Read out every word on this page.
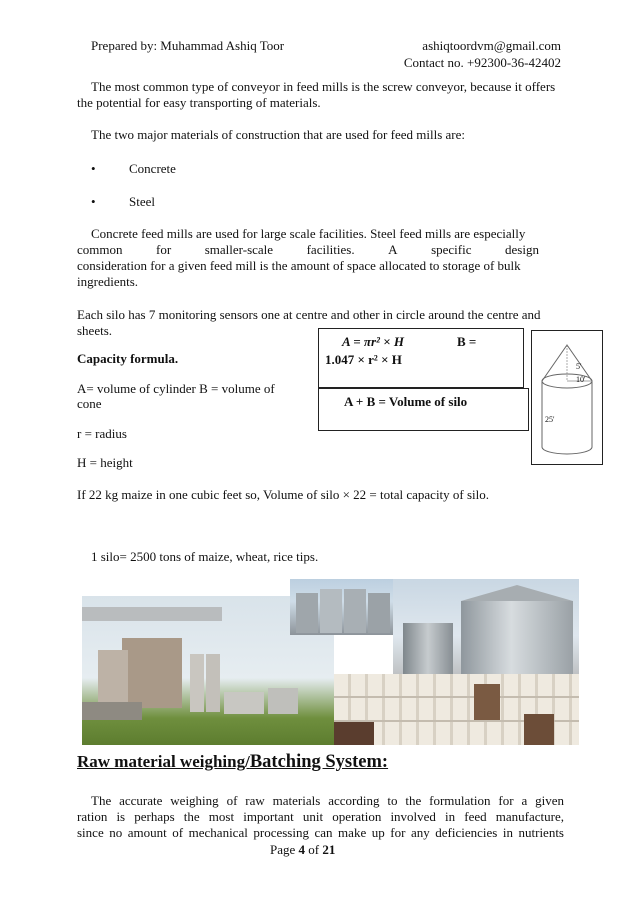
Prepared by: Muhammad Ashiq Toor	ashiqtoordvm@gmail.com
Contact no. +92300-36-42402
The most common type of conveyor in feed mills is the screw conveyor, because it offers
the potential for easy transporting of materials.
The two major materials of construction that are used for feed mills are:
•	Concrete
•	Steel
Concrete feed mills are used for large scale facilities. Steel feed mills are especially
common	for	smaller-scale	facilities.	A	specific	design
consideration for a given feed mill is the amount of space allocated to storage of bulk
ingredients.
Each silo has 7 monitoring sensors one at centre and other in circle around the centre and
sheets.
A = πr² × H	B =
1.047 × r² × H
A + B = Volume of silo
5'
10'
25'
Capacity formula.
A= volume of cylinder B = volume of
cone
r = radius
H = height
If 22 kg maize in one cubic feet so, Volume of silo × 22 = total capacity of silo.
1 silo= 2500 tons of maize, wheat, rice tips.
Raw material weighing/Batching System:
The accurate weighing of raw materials according to the formulation for a given
ration is perhaps the most important unit operation involved in feed manufacture,
since no amount of mechanical processing can make up for any deficiencies in nutrients
Page 4 of 21
